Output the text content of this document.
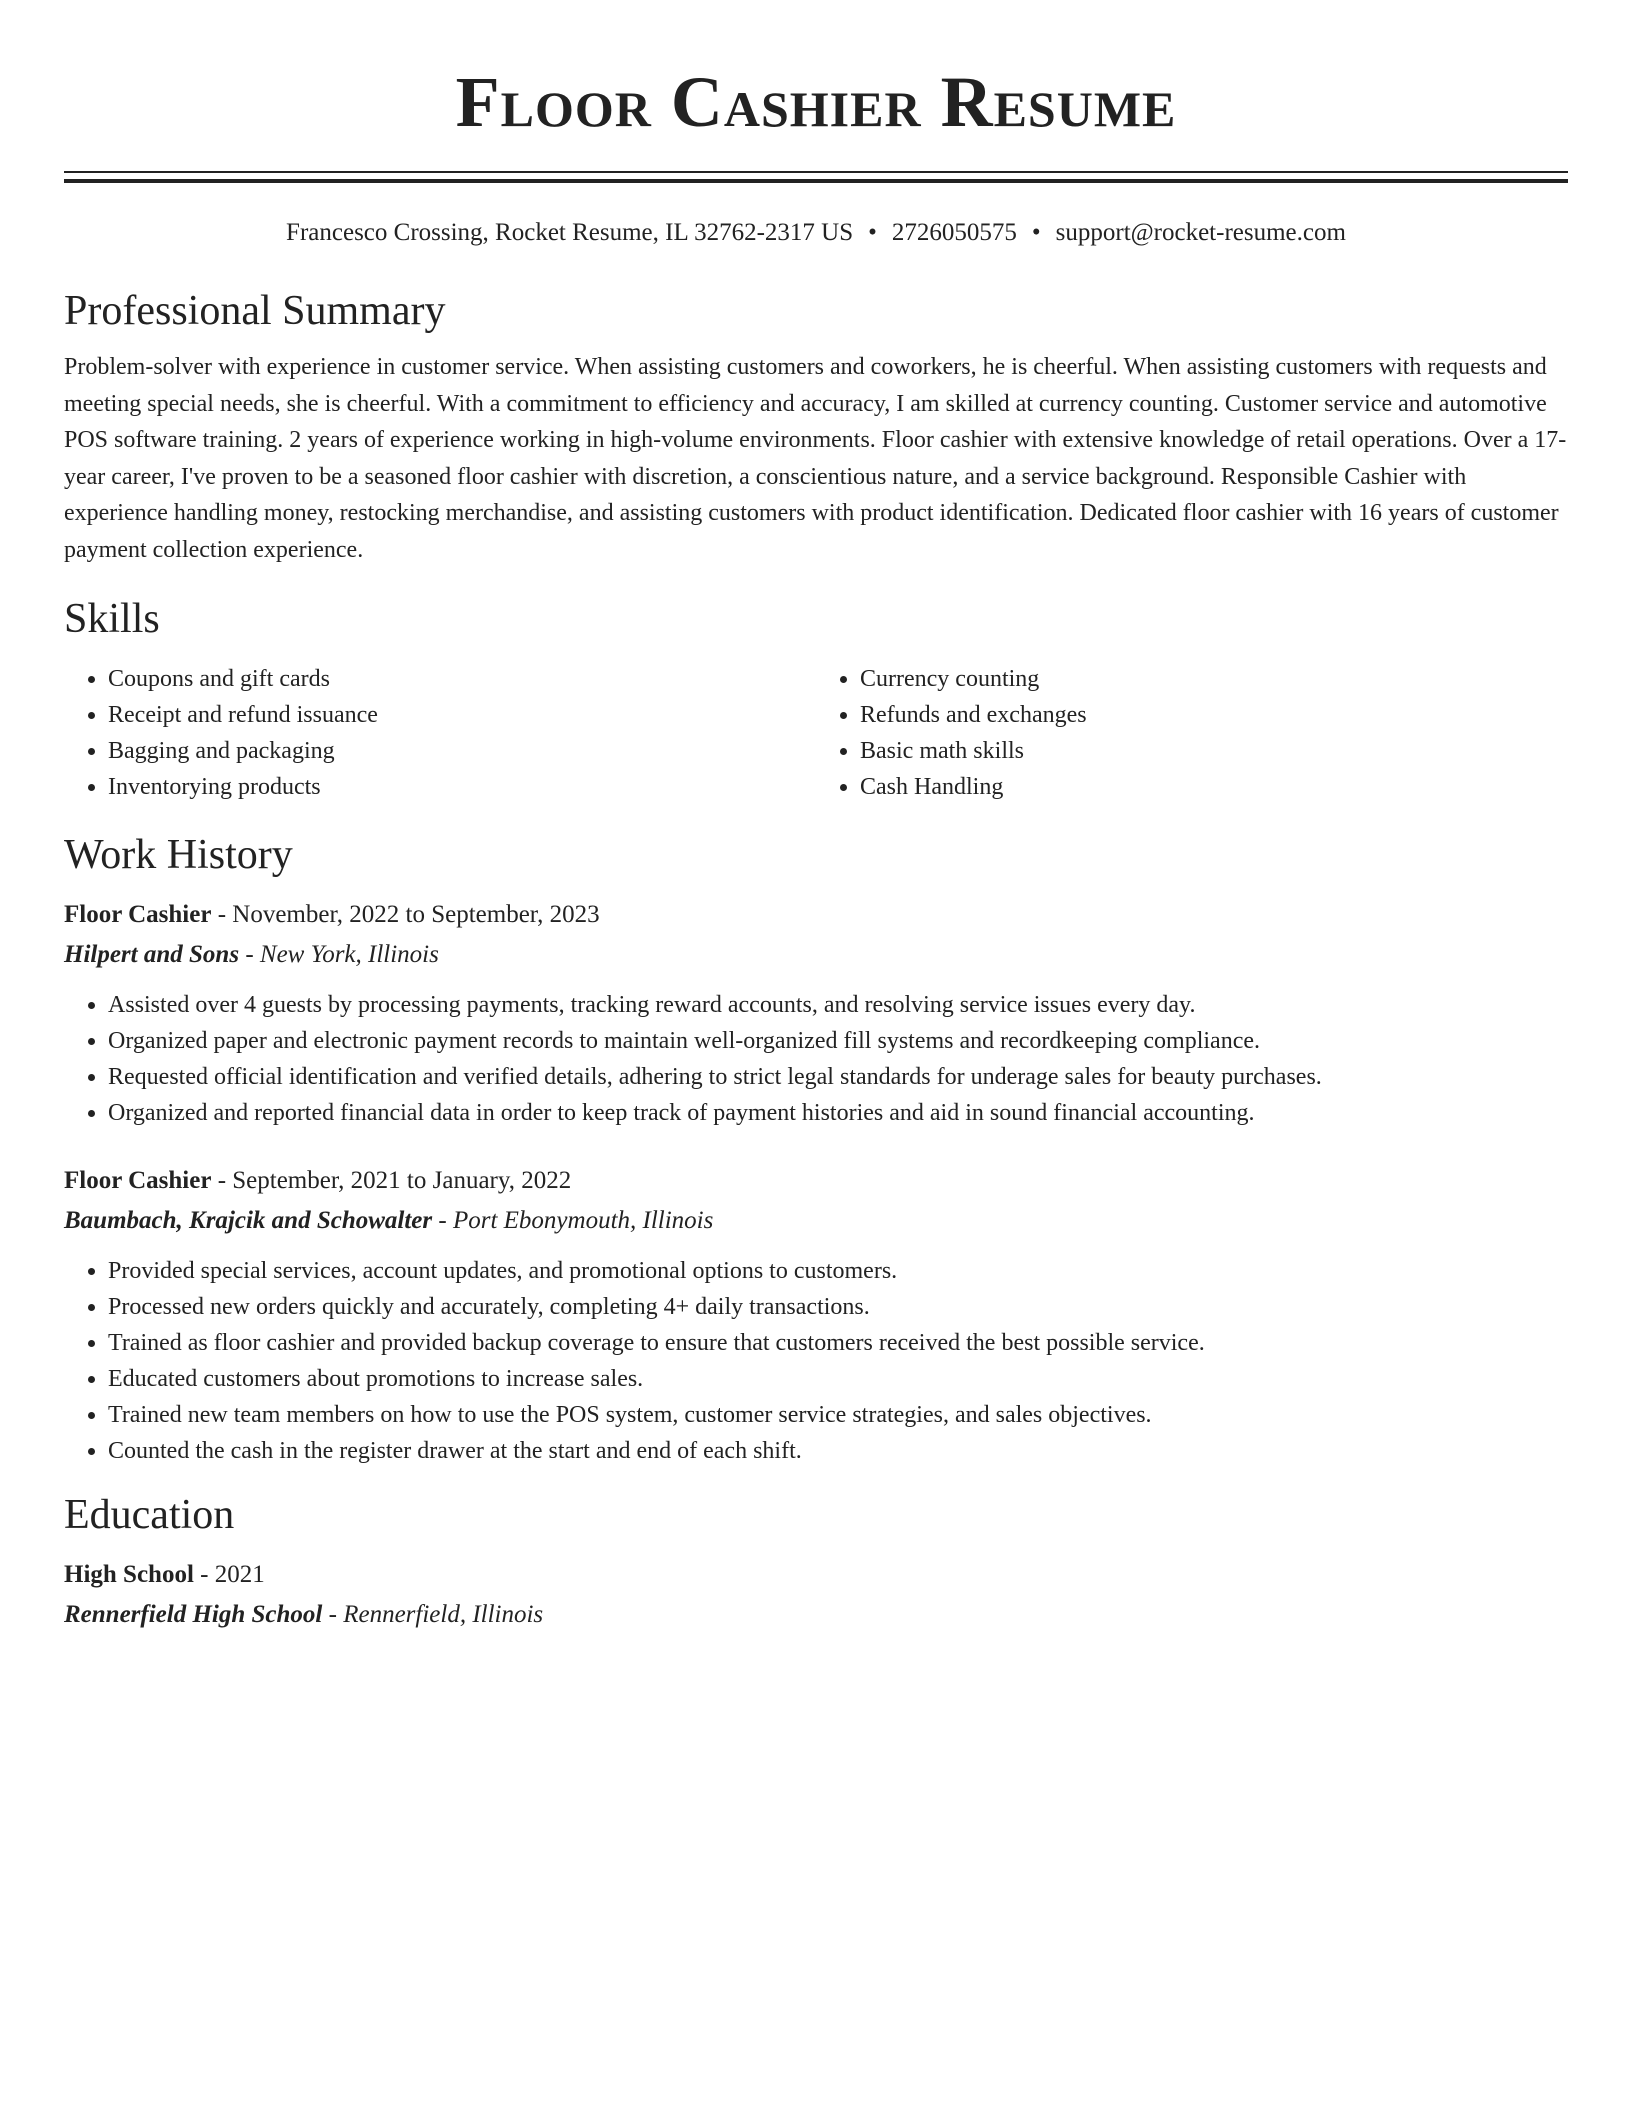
Floor Cashier Resume
Francesco Crossing, Rocket Resume, IL 32762-2317 US • 2726050575 • support@rocket-resume.com
Professional Summary

Problem-solver with experience in customer service. When assisting customers and coworkers, he is cheerful. When assisting customers with requests and meeting special needs, she is cheerful. With a commitment to efficiency and accuracy, I am skilled at currency counting. Customer service and automotive POS software training. 2 years of experience working in high-volume environments. Floor cashier with extensive knowledge of retail operations. Over a 17-year career, I've proven to be a seasoned floor cashier with discretion, a conscientious nature, and a service background. Responsible Cashier with experience handling money, restocking merchandise, and assisting customers with product identification. Dedicated floor cashier with 16 years of customer payment collection experience.

Skills
• Coupons and gift cards
• Receipt and refund issuance
• Bagging and packaging
• Inventorying products
• Currency counting
• Refunds and exchanges
• Basic math skills
• Cash Handling
Work History
Floor Cashier - November, 2022 to September, 2023
Hilpert and Sons - New York, Illinois
• Assisted over 4 guests by processing payments, tracking reward accounts, and resolving service issues every day.
• Organized paper and electronic payment records to maintain well-organized fill systems and recordkeeping compliance.
• Requested official identification and verified details, adhering to strict legal standards for underage sales for beauty purchases.
• Organized and reported financial data in order to keep track of payment histories and aid in sound financial accounting.
Floor Cashier - September, 2021 to January, 2022
Baumbach, Krajcik and Schowalter - Port Ebonymouth, Illinois
• Provided special services, account updates, and promotional options to customers.
• Processed new orders quickly and accurately, completing 4+ daily transactions.
• Trained as floor cashier and provided backup coverage to ensure that customers received the best possible service.
• Educated customers about promotions to increase sales.
• Trained new team members on how to use the POS system, customer service strategies, and sales objectives.
• Counted the cash in the register drawer at the start and end of each shift.
Education
High School - 2021
Rennerfield High School - Rennerfield, Illinois
